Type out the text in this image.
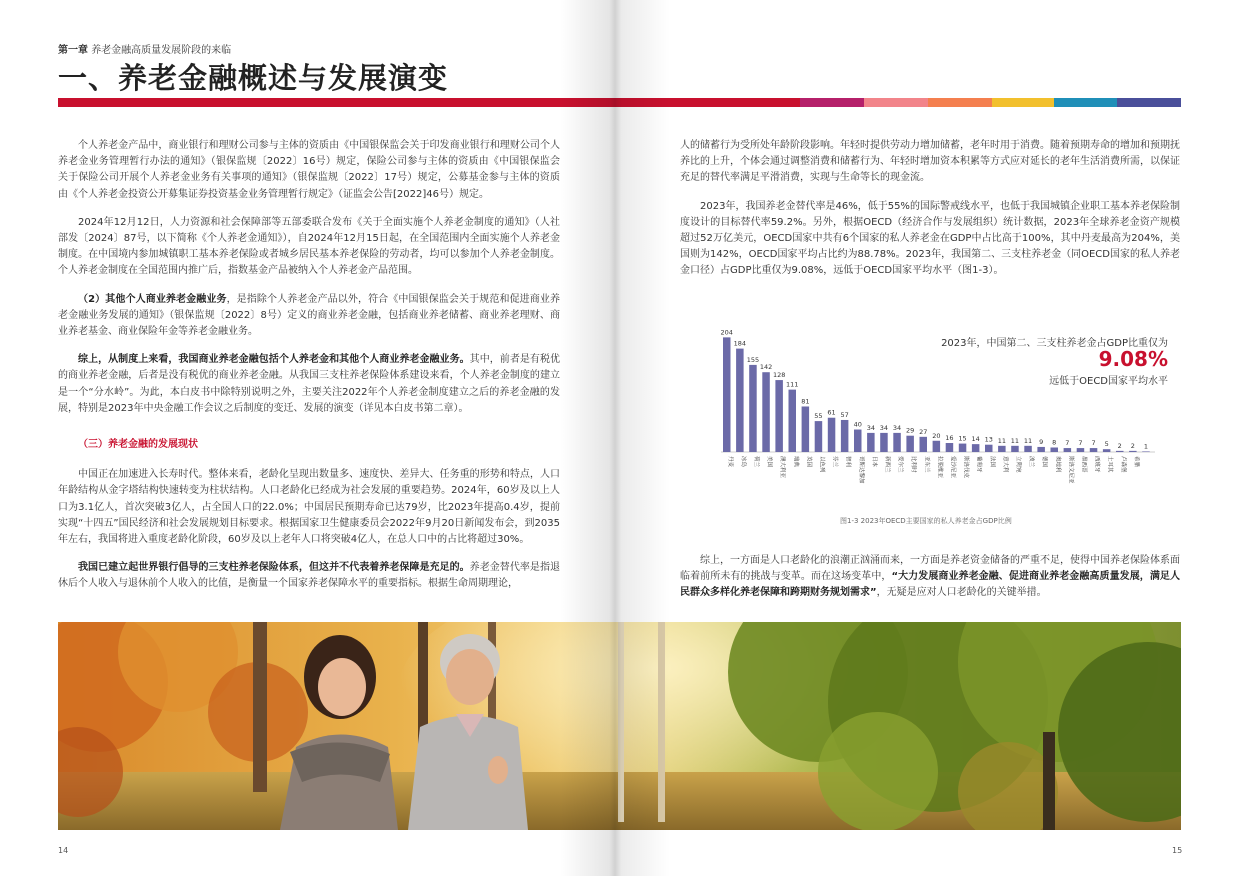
第一章 养老金融高质量发展阶段的来临
一、养老金融概述与发展演变

个人养老金产品中，商业银行和理财公司参与主体的资质由《中国银保监会关于印发商业银行和理财公司个人养老金业务管理暂行办法的通知》（银保监规〔2022〕16号）规定，保险公司参与主体的资质由《中国银保监会关于保险公司开展个人养老金业务有关事项的通知》（银保监规〔2022〕17号）规定，公募基金参与主体的资质由《个人养老金投资公开募集证券投资基金业务管理暂行规定》（证监会公告[2022]46号）规定。

2024年12月12日，人力资源和社会保障部等五部委联合发布《关于全面实施个人养老金制度的通知》（人社部发〔2024〕87号，以下简称《个人养老金通知》），自2024年12月15日起，在全国范围内全面实施个人养老金制度。在中国境内参加城镇职工基本养老保险或者城乡居民基本养老保险的劳动者，均可以参加个人养老金制度。个人养老金制度在全国范围内推广后，指数基金产品被纳入个人养老金产品范围。

（2）其他个人商业养老金融业务，是指除个人养老金产品以外，符合《中国银保监会关于规范和促进商业养老金融业务发展的通知》（银保监规〔2022〕8号）定义的商业养老金融，包括商业养老储蓄、商业养老理财、商业养老基金、商业保险年金等养老金融业务。

综上，从制度上来看，我国商业养老金融包括个人养老金和其他个人商业养老金融业务。其中，前者是有税优的商业养老金融，后者是没有税优的商业养老金融。从我国三支柱养老保险体系建设来看，个人养老金制度的建立是一个“分水岭”。为此，本白皮书中除特别说明之外，主要关注2022年个人养老金制度建立之后的养老金融的发展，特别是2023年中央金融工作会议之后制度的变迁、发展的演变（详见本白皮书第二章）。

（三）养老金融的发展现状

中国正在加速进入长寿时代。整体来看，老龄化呈现出数量多、速度快、差异大、任务重的形势和特点，人口年龄结构从金字塔结构快速转变为柱状结构。人口老龄化已经成为社会发展的重要趋势。2024年，60岁及以上人口为3.1亿人，首次突破3亿人，占全国人口的22.0%；中国居民预期寿命已达79岁，比2023年提高0.4岁，提前实现“十四五”国民经济和社会发展规划目标要求。根据国家卫生健康委员会2022年9月20日新闻发布会，到2035年左右，我国将进入重度老龄化阶段，60岁及以上老年人口将突破4亿人，在总人口中的占比将超过30%。

我国已建立起世界银行倡导的三支柱养老保险体系，但这并不代表着养老保障是充足的。养老金替代率是指退休后个人收入与退休前个人收入的比值，是衡量一个国家养老保障水平的重要指标。根据生命周期理论，

人的储蓄行为受所处年龄阶段影响。年轻时提供劳动力增加储蓄，老年时用于消费。随着预期寿命的增加和预期抚养比的上升，个体会通过调整消费和储蓄行为、年轻时增加资本积累等方式应对延长的老年生活消费所需，以保证充足的替代率满足平滑消费，实现与生命等长的现金流。

2023年，我国养老金替代率是46%，低于55%的国际警戒线水平，也低于我国城镇企业职工基本养老保险制度设计的目标替代率59.2%。另外，根据OECD（经济合作与发展组织）统计数据，2023年全球养老金资产规模超过52万亿美元，OECD国家中共有6个国家的私人养老金在GDP中占比高于100%，其中丹麦最高为204%，美国则为142%，OECD国家平均占比约为88.78%。2023年，我国第二、三支柱养老金（同OECD国家的私人养老金口径）占GDP比重仅为9.08%，远低于OECD国家平均水平（图1-3）。

204
丹麦
184
冰岛
155
荷兰
142
美国
128
澳大利亚
111
瑞典
81
英国
55
以色列
61
芬兰
57
智利
40
哥斯达黎加
34
日本
34
新西兰
34
爱尔兰
29
比利时
27
亚东兰
20
拉脱维亚
16
爱沙尼亚
15
斯洛伐克
14
葡萄牙
13
法国
11
意大利
11
立陶宛
11
波兰
9
德国
8
奥地利
7
斯洛文尼亚
7
墨西哥
7
西班牙
5
土耳其
2
卢森堡
2
希腊
1
2023年，中国第二、三支柱养老金占GDP比重仅为
9.08%
远低于OECD国家平均水平
图1-3 2023年OECD主要国家的私人养老金占GDP比例

综上，一方面是人口老龄化的浪潮正汹涌而来，一方面是养老资金储备的严重不足，使得中国养老保险体系面临着前所未有的挑战与变革。而在这场变革中，“大力发展商业养老金融、促进商业养老金融高质量发展，满足人民群众多样化养老保障和跨期财务规划需求”，无疑是应对人口老龄化的关键举措。

14	15
